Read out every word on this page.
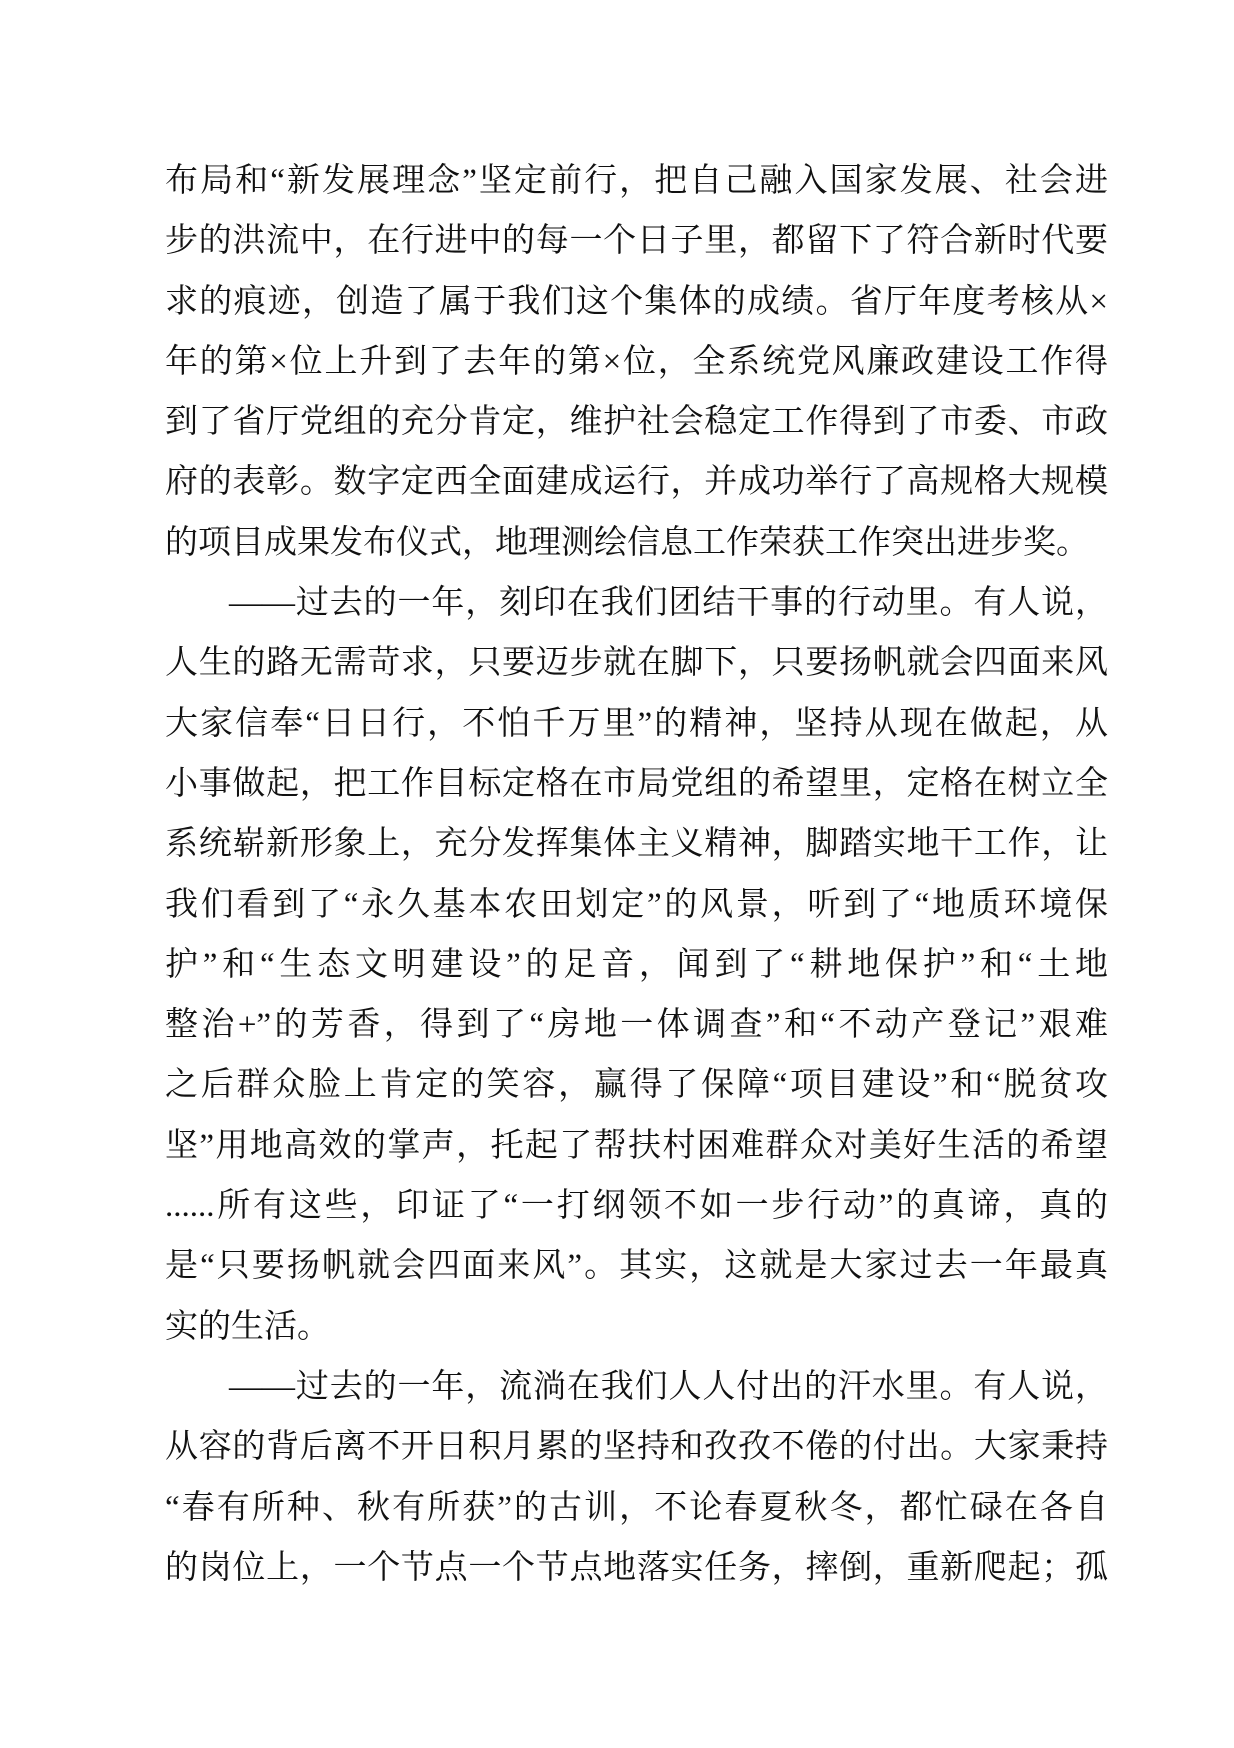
布局和“新发展理念”坚定前行，把自己融入国家发展、社会进
步的洪流中，在行进中的每一个日子里，都留下了符合新时代要
求的痕迹，创造了属于我们这个集体的成绩。省厅年度考核从×
年的第×位上升到了去年的第×位，全系统党风廉政建设工作得
到了省厅党组的充分肯定，维护社会稳定工作得到了市委、市政
府的表彰。数字定西全面建成运行，并成功举行了高规格大规模
的项目成果发布仪式，地理测绘信息工作荣获工作突出进步奖。
——过去的一年，刻印在我们团结干事的行动里。有人说，
人生的路无需苛求，只要迈步就在脚下，只要扬帆就会四面来风
大家信奉“日日行，不怕千万里”的精神，坚持从现在做起，从
小事做起，把工作目标定格在市局党组的希望里，定格在树立全
系统崭新形象上，充分发挥集体主义精神，脚踏实地干工作，让
我们看到了“永久基本农田划定”的风景，听到了“地质环境保
护”和“生态文明建设”的足音，闻到了“耕地保护”和“土地
整治+”的芳香，得到了“房地一体调查”和“不动产登记”艰难
之后群众脸上肯定的笑容，赢得了保障“项目建设”和“脱贫攻
坚”用地高效的掌声，托起了帮扶村困难群众对美好生活的希望
......所有这些，印证了“一打纲领不如一步行动”的真谛，真的
是“只要扬帆就会四面来风”。其实，这就是大家过去一年最真
实的生活。
——过去的一年，流淌在我们人人付出的汗水里。有人说，
从容的背后离不开日积月累的坚持和孜孜不倦的付出。大家秉持
“春有所种、秋有所获”的古训，不论春夏秋冬，都忙碌在各自
的岗位上，一个节点一个节点地落实任务，摔倒，重新爬起；孤
